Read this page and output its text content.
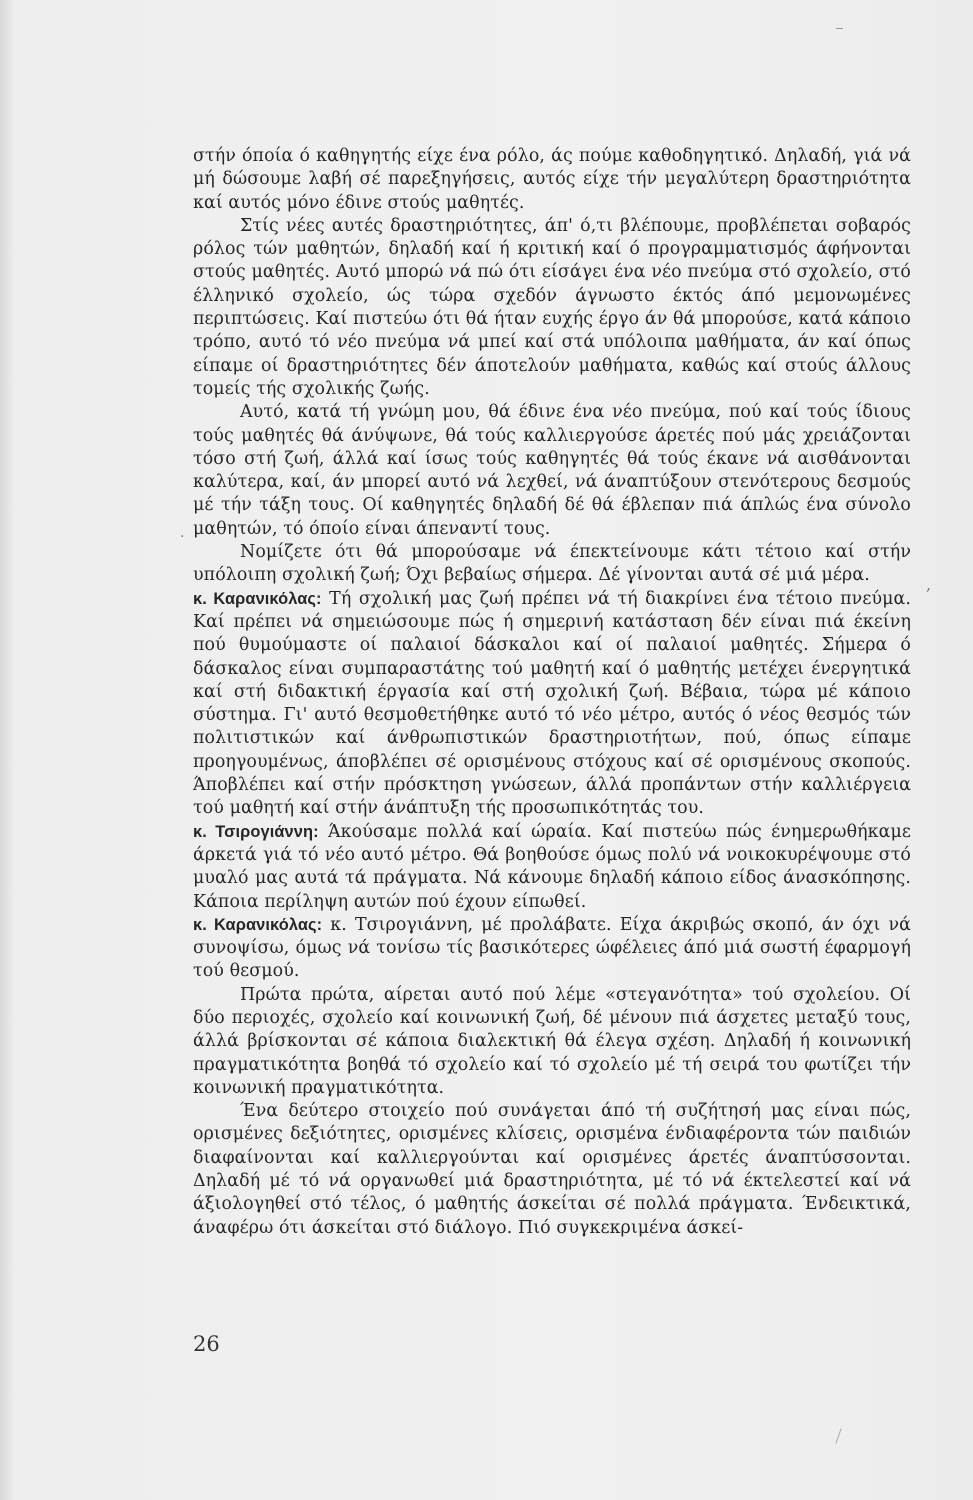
στήν όποία ό καθηγητής είχε ένα ρόλο, άς πούμε καθοδηγητικό. Δηλαδή, γιά νά μή δώσουμε λαβή σέ παρεξηγήσεις, αυτός είχε τήν μεγαλύτερη δραστηριότητα καί αυτός μόνο έδινε στούς μαθητές.

Στίς νέες αυτές δραστηριότητες, άπ' ό,τι βλέπουμε, προβλέπεται σοβαρός ρόλος τών μαθητών, δηλαδή καί ή κριτική καί ό προγραμματισμός άφήνονται στούς μαθητές. Αυτό μπορώ νά πώ ότι είσάγει ένα νέο πνεύμα στό σχολείο, στό έλληνικό σχολείο, ώς τώρα σχεδόν άγνωστο έκτός άπό μεμονωμένες περιπτώσεις. Καί πιστεύω ότι θά ήταν ευχής έργο άν θά μπορούσε, κατά κάποιο τρόπο, αυτό τό νέο πνεύμα νά μπεί καί στά υπόλοιπα μαθήματα, άν καί όπως είπαμε οί δραστηριότητες δέν άποτελούν μαθήματα, καθώς καί στούς άλλους τομείς τής σχολικής ζωής.

Αυτό, κατά τή γνώμη μου, θά έδινε ένα νέο πνεύμα, πού καί τούς ίδιους τούς μαθητές θά άνύψωνε, θά τούς καλλιεργούσε άρετές πού μάς χρειάζονται τόσο στή ζωή, άλλά καί ίσως τούς καθηγητές θά τούς έκανε νά αισθάνονται καλύτερα, καί, άν μπορεί αυτό νά λεχθεί, νά άναπτύξουν στενότερους δεσμούς μέ τήν τάξη τους. Οί καθηγητές δηλαδή δέ θά έβλεπαν πιά άπλώς ένα σύνολο μαθητών, τό όποίο είναι άπεναντί τους.

Νομίζετε ότι θά μπορούσαμε νά έπεκτείνουμε κάτι τέτοιο καί στήν υπόλοιπη σχολική ζωή; Όχι βεβαίως σήμερα. Δέ γίνονται αυτά σέ μιά μέρα.

κ. Καρανικόλας: Τή σχολική μας ζωή πρέπει νά τή διακρίνει ένα τέτοιο πνεύμα. Καί πρέπει νά σημειώσουμε πώς ή σημερινή κατάσταση δέν είναι πιά έκείνη πού θυμούμαστε οί παλαιοί δάσκαλοι καί οί παλαιοί μαθητές. Σήμερα ό δάσκαλος είναι συμπαραστάτης τού μαθητή καί ό μαθητής μετέχει ένεργητικά καί στή διδακτική έργασία καί στή σχολική ζωή. Βέβαια, τώρα μέ κάποιο σύστημα. Γι' αυτό θεσμοθετήθηκε αυτό τό νέο μέτρο, αυτός ό νέος θεσμός τών πολιτιστικών καί άνθρωπιστικών δραστηριοτήτων, πού, όπως είπαμε προηγουμένως, άποβλέπει σέ ορισμένους στόχους καί σέ ορισμένους σκοπούς. Άποβλέπει καί στήν πρόσκτηση γνώσεων, άλλά προπάντων στήν καλλιέργεια τού μαθητή καί στήν άνάπτυξη τής προσωπικότητάς του.

κ. Τσιρογιάννη: Άκούσαμε πολλά καί ώραία. Καί πιστεύω πώς ένημερωθήκαμε άρκετά γιά τό νέο αυτό μέτρο. Θά βοηθούσε όμως πολύ νά νοικοκυρέψουμε στό μυαλό μας αυτά τά πράγματα. Νά κάνουμε δηλαδή κάποιο είδος άνασκόπησης. Κάποια περίληψη αυτών πού έχουν είπωθεί.

κ. Καρανικόλας: κ. Τσιρογιάννη, μέ προλάβατε. Είχα άκριβώς σκοπό, άν όχι νά συνοψίσω, όμως νά τονίσω τίς βασικότερες ώφέλειες άπό μιά σωστή έφαρμογή τού θεσμού.

Πρώτα πρώτα, αίρεται αυτό πού λέμε «στεγανότητα» τού σχολείου. Οί δύο περιοχές, σχολείο καί κοινωνική ζωή, δέ μένουν πιά άσχετες μεταξύ τους, άλλά βρίσκονται σέ κάποια διαλεκτική θά έλεγα σχέση. Δηλαδή ή κοινωνική πραγματικότητα βοηθά τό σχολείο καί τό σχολείο μέ τή σειρά του φωτίζει τήν κοινωνική πραγματικότητα.

Ένα δεύτερο στοιχείο πού συνάγεται άπό τή συζήτησή μας είναι πώς, ορισμένες δεξιότητες, ορισμένες κλίσεις, ορισμένα ένδιαφέροντα τών παιδιών διαφαίνονται καί καλλιεργούνται καί ορισμένες άρετές άναπτύσσονται. Δηλαδή μέ τό νά οργανωθεί μιά δραστηριότητα, μέ τό νά έκτελεστεί καί νά άξιολογηθεί στό τέλος, ό μαθητής άσκείται σέ πολλά πράγματα. Ένδεικτικά, άναφέρω ότι άσκείται στό διάλογο. Πιό συγκεκριμένα άσκεί-

·
,
26
